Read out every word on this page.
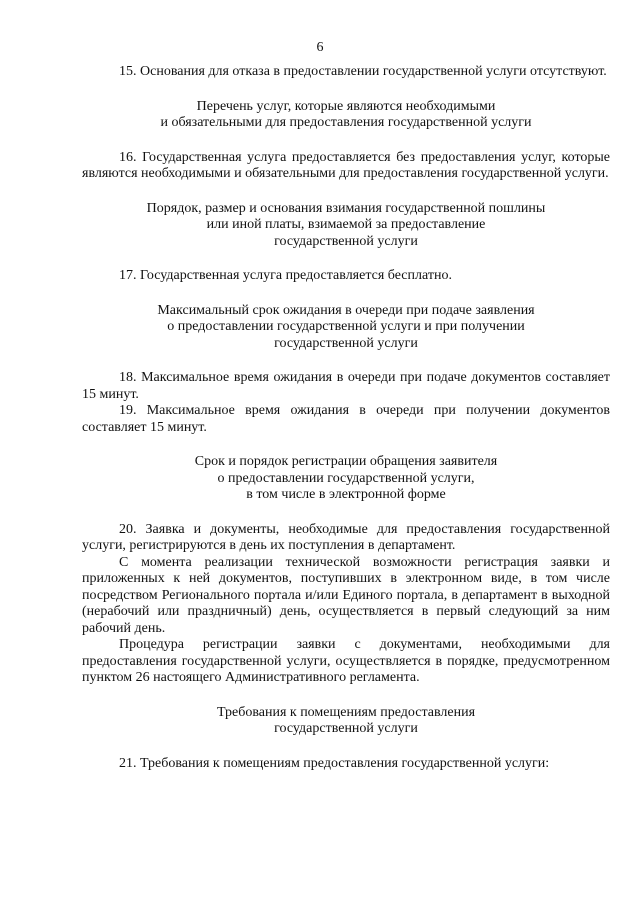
6

15. Основания для отказа в предоставлении государственной услуги отсутствуют.

Перечень услуг, которые являются необходимыми
и обязательными для предоставления государственной услуги

16. Государственная услуга предоставляется без предоставления услуг, которые являются необходимыми и обязательными для предоставления государственной услуги.

Порядок, размер и основания взимания государственной пошлины
или иной платы, взимаемой за предоставление
государственной услуги

17. Государственная услуга предоставляется бесплатно.

Максимальный срок ожидания в очереди при подаче заявления
о предоставлении государственной услуги и при получении
государственной услуги

18. Максимальное время ожидания в очереди при подаче документов составляет 15 минут.

19. Максимальное время ожидания в очереди при получении документов составляет 15 минут.

Срок и порядок регистрации обращения заявителя
о предоставлении государственной услуги,
в том числе в электронной форме

20. Заявка и документы, необходимые для предоставления государственной услуги, регистрируются в день их поступления в департамент.

С момента реализации технической возможности регистрация заявки и приложенных к ней документов, поступивших в электронном виде, в том числе посредством Регионального портала и/или Единого портала, в департамент в выходной (нерабочий или праздничный) день, осуществляется в первый следующий за ним рабочий день.

Процедура регистрации заявки с документами, необходимыми для предоставления государственной услуги, осуществляется в порядке, предусмотренном пунктом 26 настоящего Административного регламента.

Требования к помещениям предоставления
государственной услуги

21. Требования к помещениям предоставления государственной услуги:
